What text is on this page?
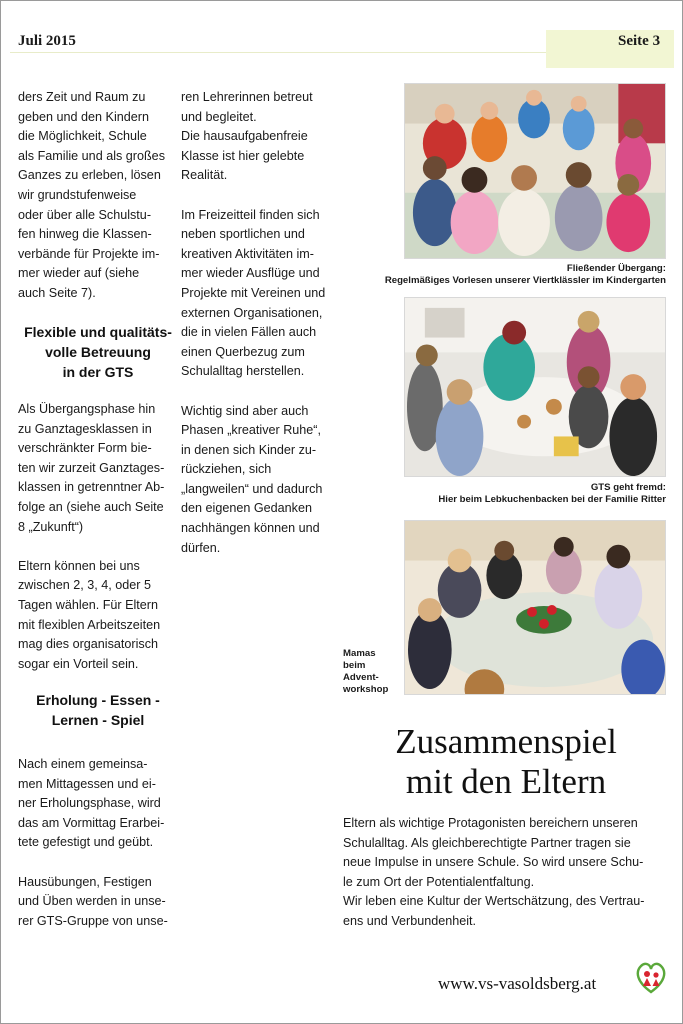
Juli 2015	Seite 3

ders Zeit und Raum zu
geben und den Kindern
die Möglichkeit, Schule
als Familie und als großes
Ganzes zu erleben, lösen
wir grundstufenweise
oder über alle Schulstu-
fen hinweg die Klassen-
verbände für Projekte im-
mer wieder auf (siehe
auch Seite 7).

Flexible und qualitäts-
volle Betreuung
in der GTS

Als Übergangsphase hin
zu Ganztagesklassen in
verschränkter Form bie-
ten wir zurzeit Ganztages-
klassen in getrenntner Ab-
folge an (siehe auch Seite
8 „Zukunft“)

Eltern können bei uns
zwischen 2, 3, 4, oder 5
Tagen wählen. Für Eltern
mit flexiblen Arbeitszeiten
mag dies organisatorisch
sogar ein Vorteil sein.

Erholung - Essen -
Lernen - Spiel

Nach einem gemeinsa-
men Mittagessen und ei-
ner Erholungsphase, wird
das am Vormittag Erarbei-
tete gefestigt und geübt.

Hausübungen, Festigen
und Üben werden in unse-
rer GTS-Gruppe von unse-

ren Lehrerinnen betreut
und begleitet.
Die hausaufgabenfreie
Klasse ist hier gelebte
Realität.

Im Freizeitteil finden sich
neben sportlichen und
kreativen Aktivitäten im-
mer wieder Ausflüge und
Projekte mit Vereinen und
externen Organisationen,
die in vielen Fällen auch
einen Querbezug zum
Schulalltag herstellen.

Wichtig sind aber auch
Phasen „kreativer Ruhe“,
in denen sich Kinder zu-
rückziehen, sich
„langweilen“ und dadurch
den eigenen Gedanken
nachhängen können und
dürfen.

Fließender Übergang:
Regelmäßiges Vorlesen unserer Viertklässler im Kindergarten
GTS geht fremd:
Hier beim Lebkuchenbacken bei der Familie Ritter
Mamas
beim
Advent-
workshop
Zusammenspiel
mit den Eltern
Eltern als wichtige Protagonisten bereichern unseren
Schulalltag. Als gleichberechtigte Partner tragen sie
neue Impulse in unsere Schule. So wird unsere Schu-
le zum Ort der Potentialentfaltung.
Wir leben eine Kultur der Wertschätzung, des Vertrau-
ens und Verbundenheit.
www.vs-vasoldsberg.at
